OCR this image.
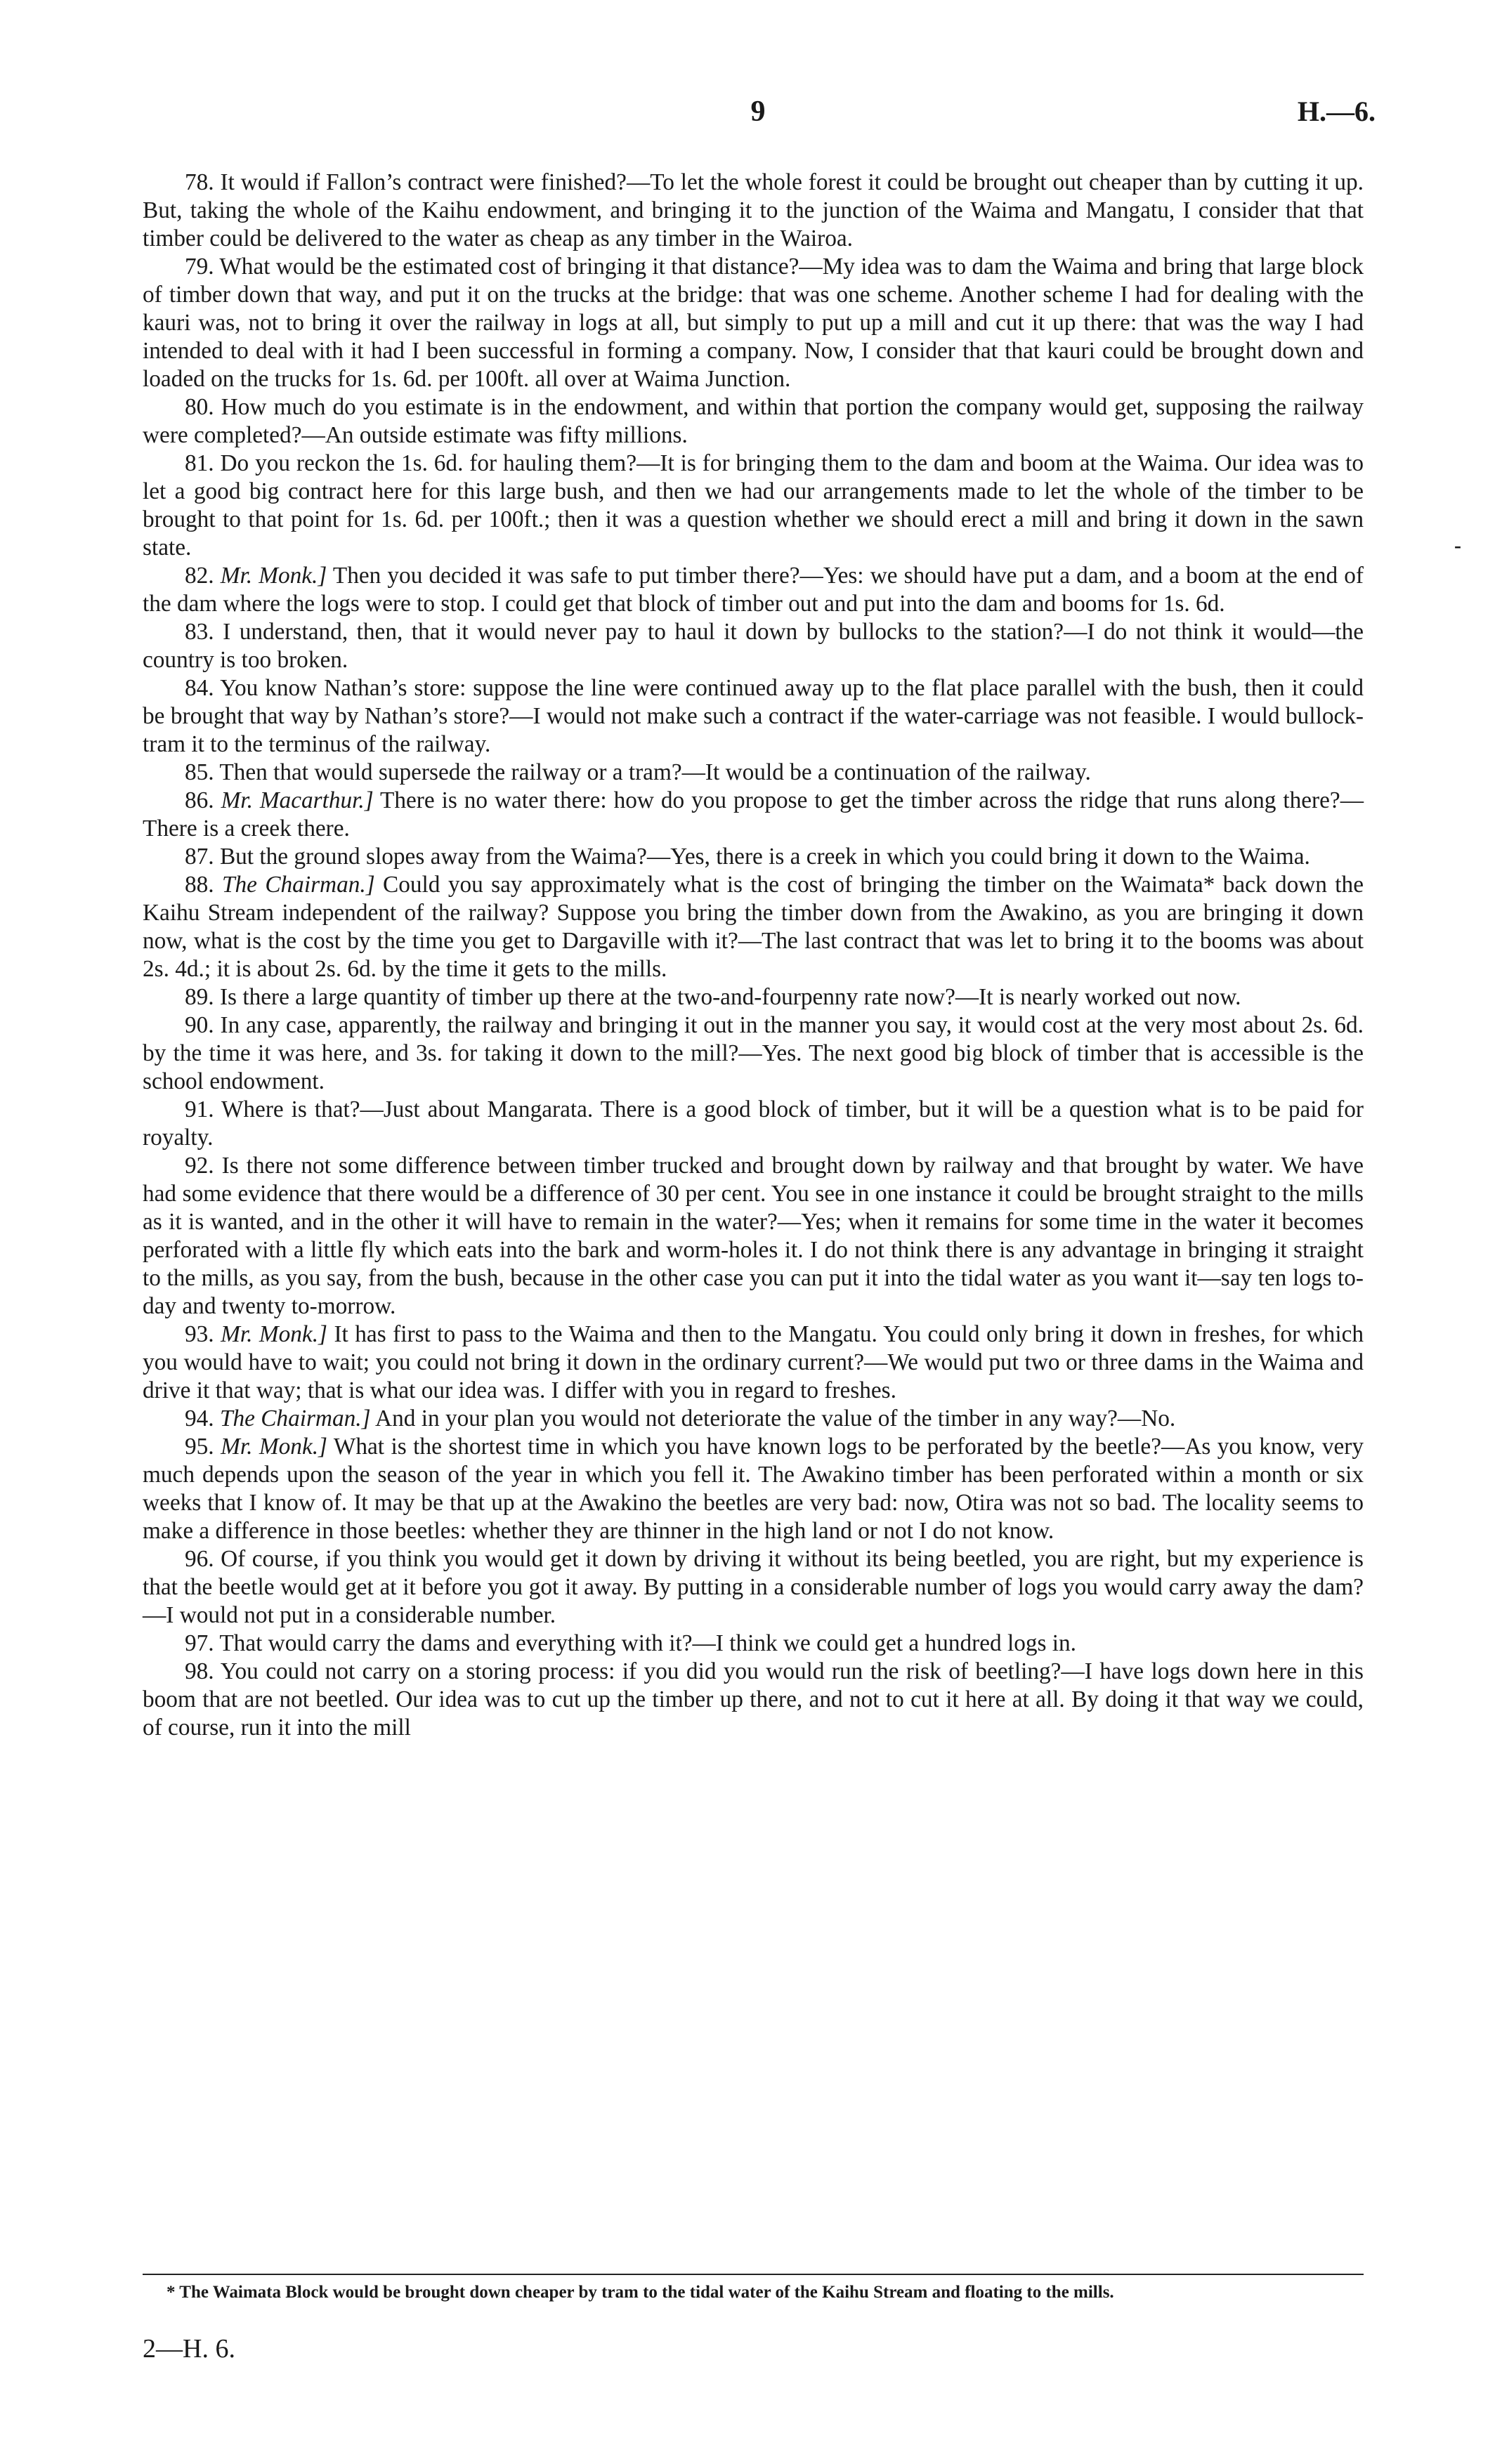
9	H.—6.
-

78. It would if Fallon’s contract were finished?—To let the whole forest it could be brought out cheaper than by cutting it up. But, taking the whole of the Kaihu endowment, and bringing it to the junction of the Waima and Mangatu, I consider that that timber could be delivered to the water as cheap as any timber in the Wairoa.

79. What would be the estimated cost of bringing it that distance?—My idea was to dam the Waima and bring that large block of timber down that way, and put it on the trucks at the bridge: that was one scheme. Another scheme I had for dealing with the kauri was, not to bring it over the railway in logs at all, but simply to put up a mill and cut it up there: that was the way I had intended to deal with it had I been successful in forming a company. Now, I consider that that kauri could be brought down and loaded on the trucks for 1s. 6d. per 100ft. all over at Waima Junction.

80. How much do you estimate is in the endowment, and within that portion the company would get, supposing the railway were completed?—An outside estimate was fifty millions.

81. Do you reckon the 1s. 6d. for hauling them?—It is for bringing them to the dam and boom at the Waima. Our idea was to let a good big contract here for this large bush, and then we had our arrangements made to let the whole of the timber to be brought to that point for 1s. 6d. per 100ft.; then it was a question whether we should erect a mill and bring it down in the sawn state.

82. Mr. Monk.] Then you decided it was safe to put timber there?—Yes: we should have put a dam, and a boom at the end of the dam where the logs were to stop. I could get that block of timber out and put into the dam and booms for 1s. 6d.

83. I understand, then, that it would never pay to haul it down by bullocks to the station?—I do not think it would—the country is too broken.

84. You know Nathan’s store: suppose the line were continued away up to the flat place parallel with the bush, then it could be brought that way by Nathan’s store?—I would not make such a contract if the water-carriage was not feasible. I would bullock-tram it to the terminus of the railway.

85. Then that would supersede the railway or a tram?—It would be a continuation of the railway.

86. Mr. Macarthur.] There is no water there: how do you propose to get the timber across the ridge that runs along there?—There is a creek there.

87. But the ground slopes away from the Waima?—Yes, there is a creek in which you could bring it down to the Waima.

88. The Chairman.] Could you say approximately what is the cost of bringing the timber on the Waimata* back down the Kaihu Stream independent of the railway? Suppose you bring the timber down from the Awakino, as you are bringing it down now, what is the cost by the time you get to Dargaville with it?—The last contract that was let to bring it to the booms was about 2s. 4d.; it is about 2s. 6d. by the time it gets to the mills.

89. Is there a large quantity of timber up there at the two-and-fourpenny rate now?—It is nearly worked out now.

90. In any case, apparently, the railway and bringing it out in the manner you say, it would cost at the very most about 2s. 6d. by the time it was here, and 3s. for taking it down to the mill?—Yes. The next good big block of timber that is accessible is the school endowment.

91. Where is that?—Just about Mangarata. There is a good block of timber, but it will be a question what is to be paid for royalty.

92. Is there not some difference between timber trucked and brought down by railway and that brought by water. We have had some evidence that there would be a difference of 30 per cent. You see in one instance it could be brought straight to the mills as it is wanted, and in the other it will have to remain in the water?—Yes; when it remains for some time in the water it becomes perforated with a little fly which eats into the bark and worm-holes it. I do not think there is any advantage in bringing it straight to the mills, as you say, from the bush, because in the other case you can put it into the tidal water as you want it—say ten logs to-day and twenty to-morrow.

93. Mr. Monk.] It has first to pass to the Waima and then to the Mangatu. You could only bring it down in freshes, for which you would have to wait; you could not bring it down in the ordinary current?—We would put two or three dams in the Waima and drive it that way; that is what our idea was. I differ with you in regard to freshes.

94. The Chairman.] And in your plan you would not deteriorate the value of the timber in any way?—No.

95. Mr. Monk.] What is the shortest time in which you have known logs to be perforated by the beetle?—As you know, very much depends upon the season of the year in which you fell it. The Awakino timber has been perforated within a month or six weeks that I know of. It may be that up at the Awakino the beetles are very bad: now, Otira was not so bad. The locality seems to make a difference in those beetles: whether they are thinner in the high land or not I do not know.

96. Of course, if you think you would get it down by driving it without its being beetled, you are right, but my experience is that the beetle would get at it before you got it away. By putting in a considerable number of logs you would carry away the dam?—I would not put in a considerable number.

97. That would carry the dams and everything with it?—I think we could get a hundred logs in.

98. You could not carry on a storing process: if you did you would run the risk of beetling?—I have logs down here in this boom that are not beetled. Our idea was to cut up the timber up there, and not to cut it here at all. By doing it that way we could, of course, run it into the mill

* The Waimata Block would be brought down cheaper by tram to the tidal water of the Kaihu Stream and floating to the mills.
2—H. 6.
